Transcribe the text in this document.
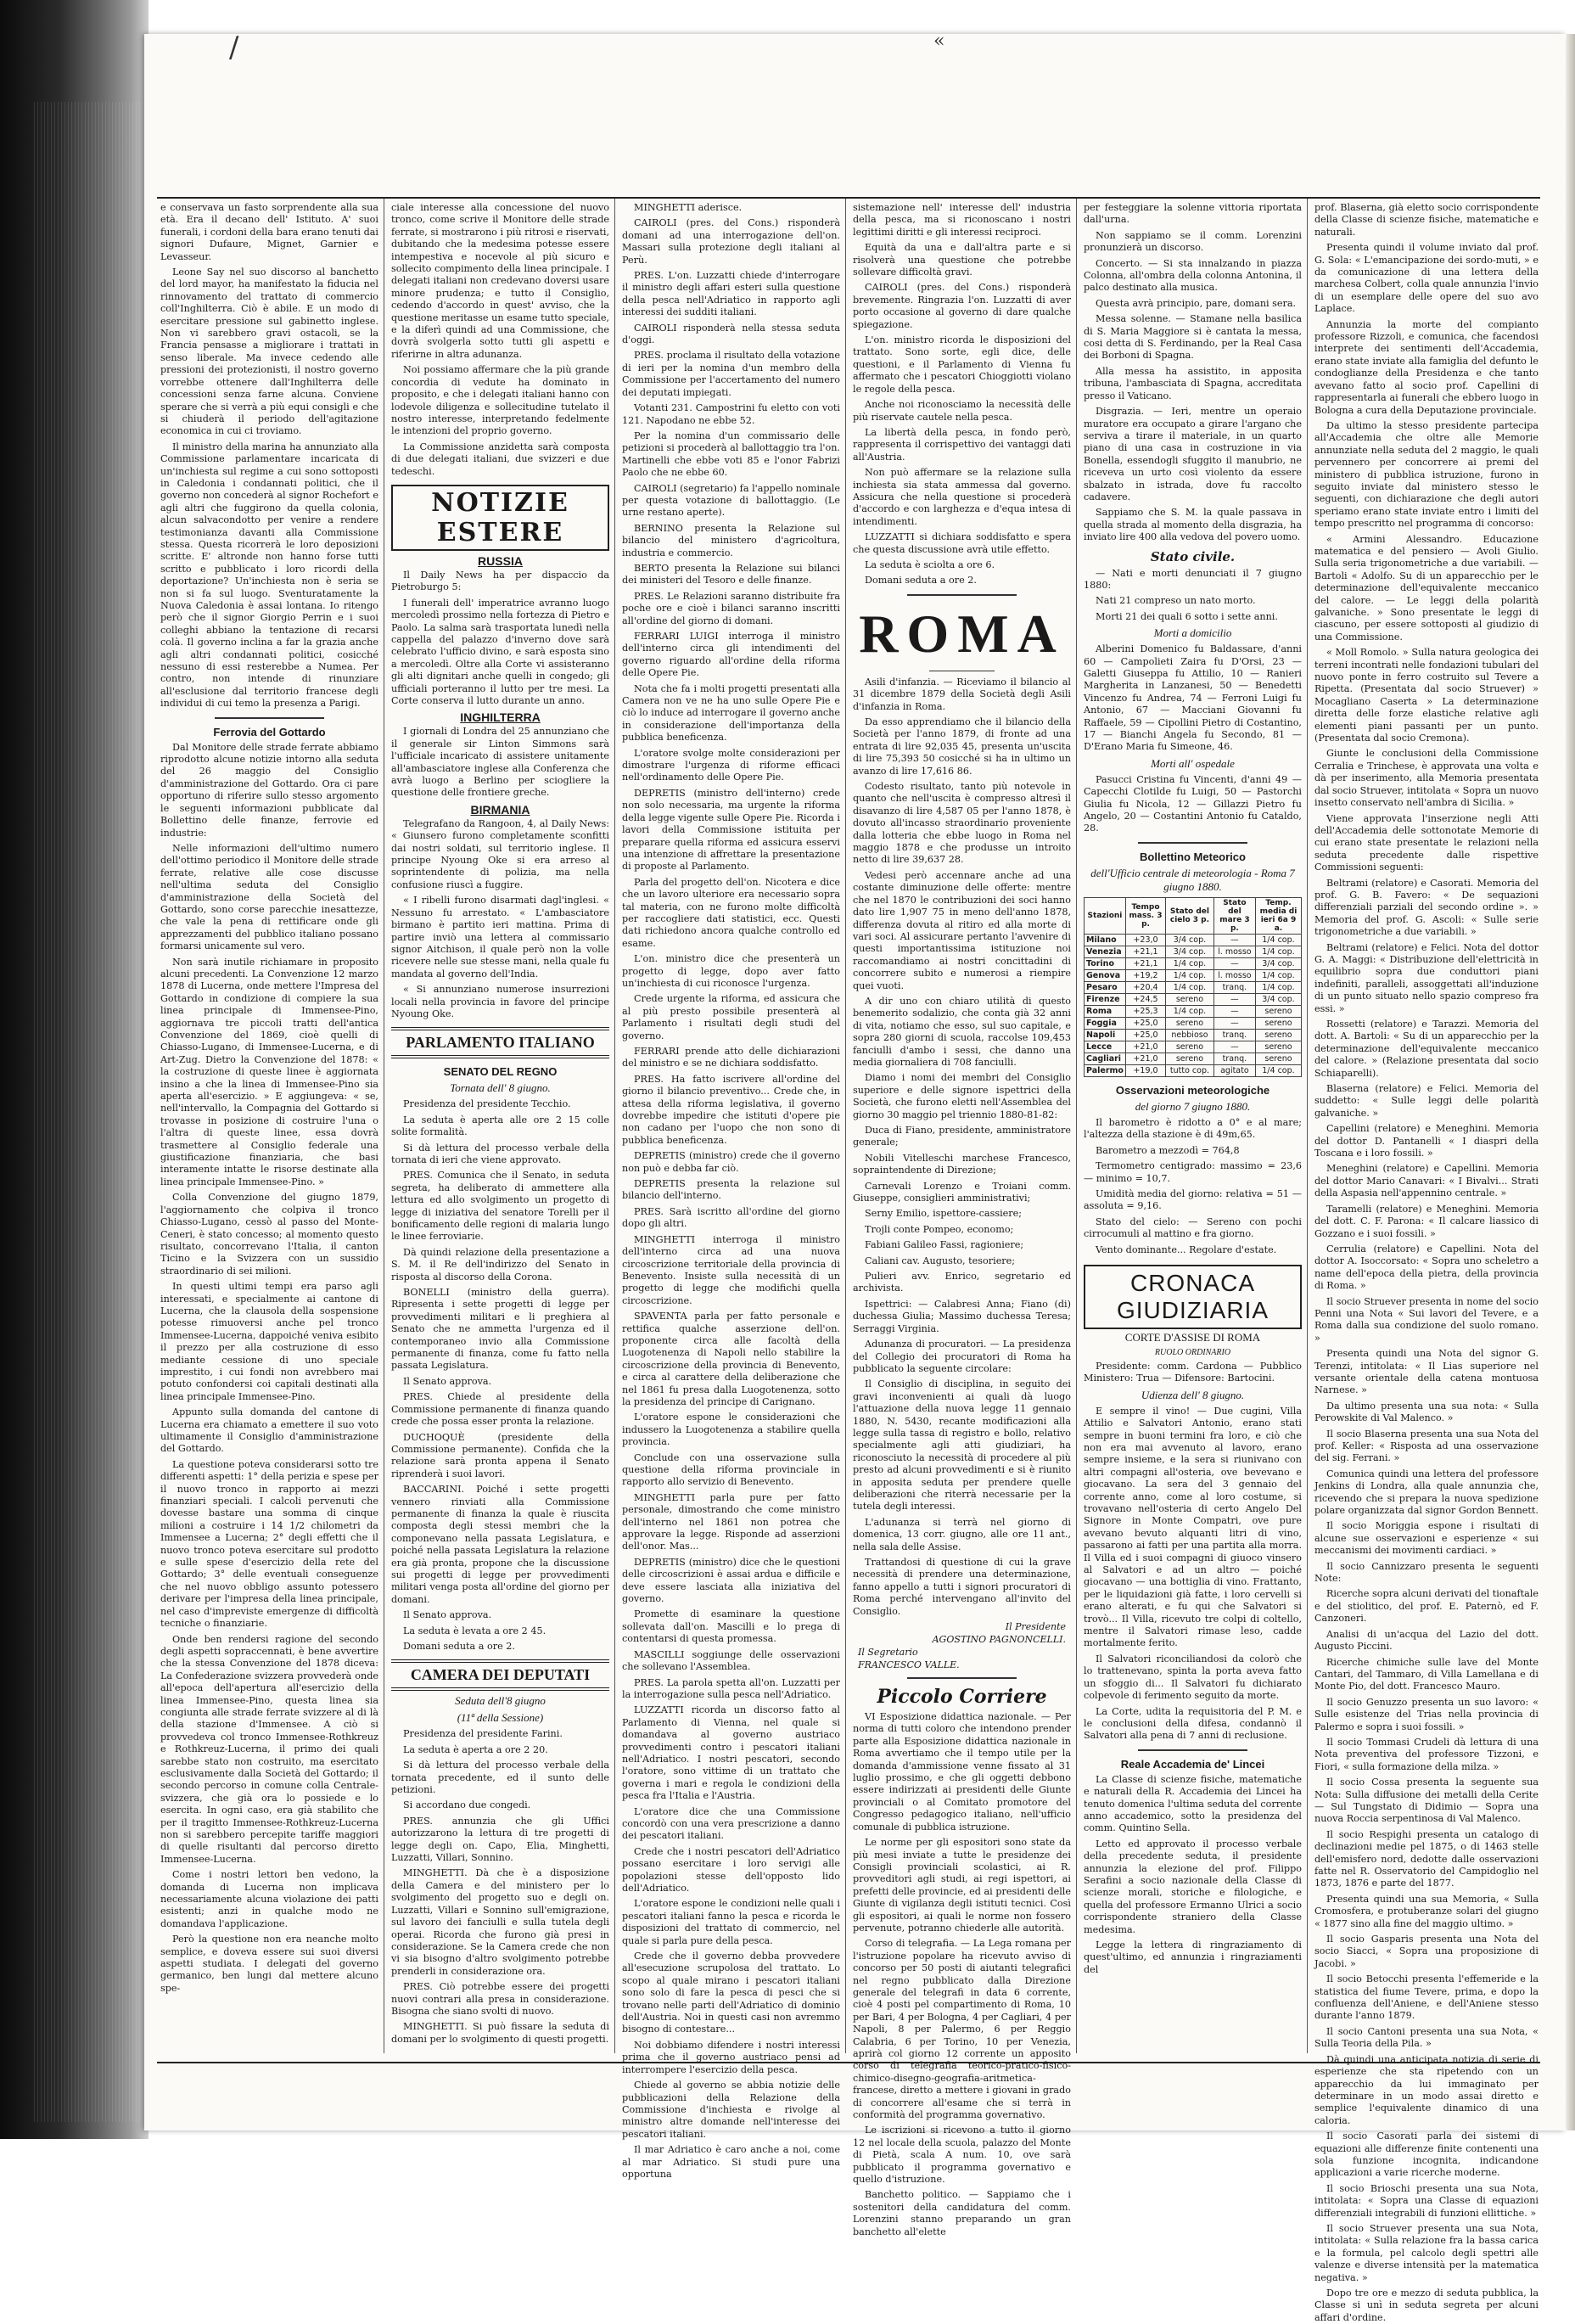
/	«

e conservava un fasto sorprendente alla sua età. Era il decano dell' Istituto. A' suoi funerali, i cordoni della bara erano tenuti dai signori Dufaure, Mignet, Garnier e Levasseur.

Leone Say nel suo discorso al banchetto del lord mayor, ha manifestato la fiducia nel rinnovamento del trattato di commercio coll'Inghilterra. Ciò è abile. E un modo di esercitare pressione sul gabinetto inglese. Non vi sarebbero gravi ostacoli, se la Francia pensasse a migliorare i trattati in senso liberale. Ma invece cedendo alle pressioni dei protezionisti, il nostro governo vorrebbe ottenere dall'Inghilterra delle concessioni senza farne alcuna. Conviene sperare che si verrà a più equi consigli e che si chiuderà il periodo dell'agitazione economica in cui ci troviamo.

Il ministro della marina ha annunziato alla Commissione parlamentare incaricata di un'inchiesta sul regime a cui sono sottoposti in Caledonia i condannati politici, che il governo non concederà al signor Rochefort e agli altri che fuggirono da quella colonia, alcun salvacondotto per venire a rendere testimonianza davanti alla Commissione stessa. Questa ricorrerà le loro deposizioni scritte. E' altronde non hanno forse tutti scritto e pubblicato i loro ricordi della deportazione? Un'inchiesta non è seria se non si fa sul luogo. Sventuratamente la Nuova Caledonia è assai lontana. Io ritengo però che il signor Giorgio Perrin e i suoi colleghi abbiano la tentazione di recarsi colà. Il governo inclina a far la grazia anche agli altri condannati politici, cosicché nessuno di essi resterebbe a Numea. Per contro, non intende di rinunziare all'esclusione dal territorio francese degli individui di cui temo la presenza a Parigi.

Ferrovia del Gottardo

Dal Monitore delle strade ferrate abbiamo riprodotto alcune notizie intorno alla seduta del 26 maggio del Consiglio d'amministrazione del Gottardo. Ora ci pare opportuno di riferire sullo stesso argomento le seguenti informazioni pubblicate dal Bollettino delle finanze, ferrovie ed industrie:

Nelle informazioni dell'ultimo numero dell'ottimo periodico il Monitore delle strade ferrate, relative alle cose discusse nell'ultima seduta del Consiglio d'amministrazione della Società del Gottardo, sono corse parecchie inesattezze, che vale la pena di rettificare onde gli apprezzamenti del pubblico italiano possano formarsi unicamente sul vero.

Non sarà inutile richiamare in proposito alcuni precedenti. La Convenzione 12 marzo 1878 di Lucerna, onde mettere l'Impresa del Gottardo in condizione di compiere la sua linea principale di Immensee-Pino, aggiornava tre piccoli tratti dell'antica Convenzione del 1869, cioè quelli di Chiasso-Lugano, di Immensee-Lucerna, e di Art-Zug. Dietro la Convenzione del 1878: « la costruzione di queste linee è aggiornata insino a che la linea di Immensee-Pino sia aperta all'esercizio. » E aggiungeva: « se, nell'intervallo, la Compagnia del Gottardo si trovasse in posizione di costruire l'una o l'altra di queste linee, essa dovrà trasmettere al Consiglio federale una giustificazione finanziaria, che basi interamente intatte le risorse destinate alla linea principale Immensee-Pino. »

Colla Convenzione del giugno 1879, l'aggiornamento che colpiva il tronco Chiasso-Lugano, cessò al passo del Monte-Ceneri, è stato concesso; al momento questo risultato, concorrevano l'Italia, il canton Ticino e la Svizzera con un sussidio straordinario di sei milioni.

In questi ultimi tempi era parso agli interessati, e specialmente ai cantone di Lucerna, che la clausola della sospensione potesse rimuoversi anche pel tronco Immensee-Lucerna, dappoiché veniva esibito il prezzo per alla costruzione di esso mediante cessione di uno speciale imprestito, i cui fondi non avrebbero mai potuto confondersi coi capitali destinati alla linea principale Immensee-Pino.

Appunto sulla domanda del cantone di Lucerna era chiamato a emettere il suo voto ultimamente il Consiglio d'amministrazione del Gottardo.

La questione poteva considerarsi sotto tre differenti aspetti: 1° della perizia e spese per il nuovo tronco in rapporto ai mezzi finanziari speciali. I calcoli pervenuti che dovesse bastare una somma di cinque milioni a costruire i 14 1/2 chilometri da Immensee a Lucerna; 2° degli effetti che il nuovo tronco poteva esercitare sul prodotto e sulle spese d'esercizio della rete del Gottardo; 3° delle eventuali conseguenze che nel nuovo obbligo assunto potessero derivare per l'impresa della linea principale, nel caso d'impreviste emergenze di difficoltà tecniche o finanziarie.

Onde ben rendersi ragione del secondo degli aspetti sopraccennati, è bene avvertire che la stessa Convenzione del 1878 diceva: La Confederazione svizzera provvederà onde all'epoca dell'apertura all'esercizio della linea Immensee-Pino, questa linea sia congiunta alle strade ferrate svizzere al di là della stazione d'Immensee. A ciò si provvedeva col tronco Immensee-Rothkreuz e Rothkreuz-Lucerna, il primo dei quali sarebbe stato non costruito, ma esercitato esclusivamente dalla Società del Gottardo; il secondo percorso in comune colla Centrale-svizzera, che già ora lo possiede e lo esercita. In ogni caso, era già stabilito che per il tragitto Immensee-Rothkreuz-Lucerna non si sarebbero percepite tariffe maggiori di quelle risultanti dal percorso diretto Immensee-Lucerna.

Come i nostri lettori ben vedono, la domanda di Lucerna non implicava necessariamente alcuna violazione dei patti esistenti; anzi in qualche modo ne domandava l'applicazione.

Però la questione non era neanche molto semplice, e doveva essere sui suoi diversi aspetti studiata. I delegati del governo germanico, ben lungi dal mettere alcuno spe-

ciale interesse alla concessione del nuovo tronco, come scrive il Monitore delle strade ferrate, si mostrarono i più ritrosi e riservati, dubitando che la medesima potesse essere intempestiva e nocevole al più sicuro e sollecito compimento della linea principale. I delegati italiani non credevano doversi usare minore prudenza; e tutto il Consiglio, cedendo d'accordo in quest' avviso, che la questione meritasse un esame tutto speciale, e la diferì quindi ad una Commissione, che dovrà svolgerla sotto tutti gli aspetti e riferirne in altra adunanza.

Noi possiamo affermare che la più grande concordia di vedute ha dominato in proposito, e che i delegati italiani hanno con lodevole diligenza e sollecitudine tutelato il nostro interesse, interpretando fedelmente le intenzioni del proprio governo.

La Commissione anzidetta sarà composta di due delegati italiani, due svizzeri e due tedeschi.

NOTIZIE ESTERE
RUSSIA

Il Daily News ha per dispaccio da Pietroburgo 5:

I funerali dell' imperatrice avranno luogo mercoledì prossimo nella fortezza di Pietro e Paolo. La salma sarà trasportata lunedì nella cappella del palazzo d'inverno dove sarà celebrato l'ufficio divino, e sarà esposta sino a mercoledì. Oltre alla Corte vi assisteranno gli alti dignitari anche quelli in congedo; gli ufficiali porteranno il lutto per tre mesi. La Corte conserva il lutto durante un anno.

INGHILTERRA

I giornali di Londra del 25 annunziano che il generale sir Linton Simmons sarà l'ufficiale incaricato di assistere unitamente all'ambasciatore inglese alla Conferenza che avrà luogo a Berlino per sciogliere la questione delle frontiere greche.

BIRMANIA

Telegrafano da Rangoon, 4, al Daily News: « Giunsero furono completamente sconfitti dai nostri soldati, sul territorio inglese. Il principe Nyoung Oke si era arreso al soprintendente di polizia, ma nella confusione riuscì a fuggire.

« I ribelli furono disarmati dagl'inglesi. « Nessuno fu arrestato. « L'ambasciatore birmano è partito ieri mattina. Prima di partire inviò una lettera al commissario signor Aitchison, il quale però non la volle ricevere nelle sue stesse mani, nella quale fu mandata al governo dell'India.

« Si annunziano numerose insurrezioni locali nella provincia in favore del principe Nyoung Oke.

PARLAMENTO ITALIANO
SENATO DEL REGNO
Tornata dell' 8 giugno.

Presidenza del presidente Tecchio.

La seduta è aperta alle ore 2 15 colle solite formalità.

Si dà lettura del processo verbale della tornata di ieri che viene approvato.

PRES. Comunica che il Senato, in seduta segreta, ha deliberato di ammettere alla lettura ed allo svolgimento un progetto di legge di iniziativa del senatore Torelli per il bonificamento delle regioni di malaria lungo le linee ferroviarie.

Dà quindi relazione della presentazione a S. M. il Re dell'indirizzo del Senato in risposta al discorso della Corona.

BONELLI (ministro della guerra). Ripresenta i sette progetti di legge per provvedimenti militari e li preghiera al Senato che ne ammetta l'urgenza ed il contemporaneo invio alla Commissione permanente di finanza, come fu fatto nella passata Legislatura.

Il Senato approva.

PRES. Chiede al presidente della Commissione permanente di finanza quando crede che possa esser pronta la relazione.

DUCHOQUÈ (presidente della Commissione permanente). Confida che la relazione sarà pronta appena il Senato riprenderà i suoi lavori.

BACCARINI. Poiché i sette progetti vennero rinviati alla Commissione permanente di finanza la quale è riuscita composta degli stessi membri che la componevano nella passata Legislatura, e poiché nella passata Legislatura la relazione era già pronta, propone che la discussione sui progetti di legge per provvedimenti militari venga posta all'ordine del giorno per domani.

Il Senato approva.

La seduta è levata a ore 2 45.

Domani seduta a ore 2.

CAMERA DEI DEPUTATI
Seduta dell'8 giugno
(11ª della Sessione)

Presidenza del presidente Farini.

La seduta è aperta a ore 2 20.

Si dà lettura del processo verbale della tornata precedente, ed il sunto delle petizioni.

Si accordano due congedi.

PRES. annunzia che gli Uffici autorizzarono la lettura di tre progetti di legge degli on. Capo, Elia, Minghetti, Luzzatti, Villari, Sonnino.

MINGHETTI. Dà che è a disposizione della Camera e del ministero per lo svolgimento del progetto suo e degli on. Luzzatti, Villari e Sonnino sull'emigrazione, sul lavoro dei fanciulli e sulla tutela degli operai. Ricorda che furono già presi in considerazione. Se la Camera crede che non vi sia bisogno d'altro svolgimento potrebbe prenderli in considerazione ora.

PRES. Ciò potrebbe essere dei progetti nuovi contrari alla presa in considerazione. Bisogna che siano svolti di nuovo.

MINGHETTI. Si può fissare la seduta di domani per lo svolgimento di questi progetti.

MINGHETTI aderisce.

CAIROLI (pres. del Cons.) risponderà domani ad una interrogazione dell'on. Massari sulla protezione degli italiani al Perù.

PRES. L'on. Luzzatti chiede d'interrogare il ministro degli affari esteri sulla questione della pesca nell'Adriatico in rapporto agli interessi dei sudditi italiani.

CAIROLI risponderà nella stessa seduta d'oggi.

PRES. proclama il risultato della votazione di ieri per la nomina d'un membro della Commissione per l'accertamento del numero dei deputati impiegati.

Votanti 231. Campostrini fu eletto con voti 121. Napodano ne ebbe 52.

Per la nomina d'un commissario delle petizioni si procederà al ballottaggio tra l'on. Martinelli che ebbe voti 85 e l'onor Fabrizi Paolo che ne ebbe 60.

CAIROLI (segretario) fa l'appello nominale per questa votazione di ballottaggio. (Le urne restano aperte).

BERNINO presenta la Relazione sul bilancio del ministero d'agricoltura, industria e commercio.

BERTO presenta la Relazione sui bilanci dei ministeri del Tesoro e delle finanze.

PRES. Le Relazioni saranno distribuite fra poche ore e cioè i bilanci saranno inscritti all'ordine del giorno di domani.

FERRARI LUIGI interroga il ministro dell'interno circa gli intendimenti del governo riguardo all'ordine della riforma delle Opere Pie.

Nota che fa i molti progetti presentati alla Camera non ve ne ha uno sulle Opere Pie e ciò lo induce ad interrogare il governo anche in considerazione dell'importanza della pubblica beneficenza.

L'oratore svolge molte considerazioni per dimostrare l'urgenza di riforme efficaci nell'ordinamento delle Opere Pie.

DEPRETIS (ministro dell'interno) crede non solo necessaria, ma urgente la riforma della legge vigente sulle Opere Pie. Ricorda i lavori della Commissione istituita per preparare quella riforma ed assicura esservi una intenzione di affrettare la presentazione di proposte al Parlamento.

Parla del progetto dell'on. Nicotera e dice che un lavoro ulteriore era necessario sopra tal materia, con ne furono molte difficoltà per raccogliere dati statistici, ecc. Questi dati richiedono ancora qualche controllo ed esame.

L'on. ministro dice che presenterà un progetto di legge, dopo aver fatto un'inchiesta di cui riconosce l'urgenza.

Crede urgente la riforma, ed assicura che al più presto possibile presenterà al Parlamento i risultati degli studi del governo.

FERRARI prende atto delle dichiarazioni del ministro e se ne dichiara soddisfatto.

PRES. Ha fatto iscrivere all'ordine del giorno il bilancio preventivo... Crede che, in attesa della riforma legislativa, il governo dovrebbe impedire che istituti d'opere pie non cadano per l'uopo che non sono di pubblica beneficenza.

DEPRETIS (ministro) crede che il governo non può e debba far ciò.

DEPRETIS presenta la relazione sul bilancio dell'interno.

PRES. Sarà iscritto all'ordine del giorno dopo gli altri.

MINGHETTI interroga il ministro dell'interno circa ad una nuova circoscrizione territoriale della provincia di Benevento. Insiste sulla necessità di un progetto di legge che modifichi quella circoscrizione.

SPAVENTA parla per fatto personale e rettifica qualche asserzione dell'on. proponente circa alle facoltà della Luogotenenza di Napoli nello stabilire la circoscrizione della provincia di Benevento, e circa al carattere della deliberazione che nel 1861 fu presa dalla Luogotenenza, sotto la presidenza del principe di Carignano.

L'oratore espone le considerazioni che indussero la Luogotenenza a stabilire quella provincia.

Conclude con una osservazione sulla questione della riforma provinciale in rapporto allo servizio di Benevento.

MINGHETTI parla pure per fatto personale, dimostrando che come ministro dell'interno nel 1861 non potrea che approvare la legge. Risponde ad asserzioni dell'onor. Mas...

DEPRETIS (ministro) dice che le questioni delle circoscrizioni è assai ardua e difficile e deve essere lasciata alla iniziativa del governo.

Promette di esaminare la questione sollevata dall'on. Mascilli e lo prega di contentarsi di questa promessa.

MASCILLI soggiunge delle osservazioni che sollevano l'Assemblea.

PRES. La parola spetta all'on. Luzzatti per la interrogazione sulla pesca nell'Adriatico.

LUZZATTI ricorda un discorso fatto al Parlamento di Vienna, nel quale si domandava al governo austriaco provvedimenti contro i pescatori italiani nell'Adriatico. I nostri pescatori, secondo l'oratore, sono vittime di un trattato che governa i mari e regola le condizioni della pesca fra l'Italia e l'Austria.

L'oratore dice che una Commissione concordò con una vera prescrizione a danno dei pescatori italiani.

Crede che i nostri pescatori dell'Adriatico possano esercitare i loro servigi alle popolazioni stesse dell'opposto lido dell'Adriatico.

L'oratore espone le condizioni nelle quali i pescatori italiani fanno la pesca e ricorda le disposizioni del trattato di commercio, nel quale si parla pure della pesca.

Crede che il governo debba provvedere all'esecuzione scrupolosa del trattato. Lo scopo al quale mirano i pescatori italiani sono solo di fare la pesca di pesci che si trovano nelle parti dell'Adriatico di dominio dell'Austria. Noi in questi casi non avremmo bisogno di contestare...

Noi dobbiamo difendere i nostri interessi prima che il governo austriaco pensi ad interrompere l'esercizio della pesca.

Chiede al governo se abbia notizie delle pubblicazioni della Relazione della Commissione d'inchiesta e rivolge al ministro altre domande nell'interesse dei pescatori italiani.

Il mar Adriatico è caro anche a noi, come al mar Adriatico. Si studi pure una opportuna

sistemazione nell' interesse dell' industria della pesca, ma si riconoscano i nostri legittimi diritti e gli interessi reciproci.

Equità da una e dall'altra parte e si risolverà una questione che potrebbe sollevare difficoltà gravi.

CAIROLI (pres. del Cons.) risponderà brevemente. Ringrazia l'on. Luzzatti di aver porto occasione al governo di dare qualche spiegazione.

L'on. ministro ricorda le disposizioni del trattato. Sono sorte, egli dice, delle questioni, e il Parlamento di Vienna fu affermato che i pescatori Chioggiotti violano le regole della pesca.

Anche noi riconosciamo la necessità delle più riservate cautele nella pesca.

La libertà della pesca, in fondo però, rappresenta il corrispettivo dei vantaggi dati all'Austria.

Non può affermare se la relazione sulla inchiesta sia stata ammessa dal governo. Assicura che nella questione si procederà d'accordo e con larghezza e d'equa intesa di intendimenti.

LUZZATTI si dichiara soddisfatto e spera che questa discussione avrà utile effetto.

La seduta è sciolta a ore 6.

Domani seduta a ore 2.

ROMA

Asili d'infanzia. — Riceviamo il bilancio al 31 dicembre 1879 della Società degli Asili d'infanzia in Roma.

Da esso apprendiamo che il bilancio della Società per l'anno 1879, di fronte ad una entrata di lire 92,035 45, presenta un'uscita di lire 75,393 50 cosicché si ha in ultimo un avanzo di lire 17,616 86.

Codesto risultato, tanto più notevole in quanto che nell'uscita è compresso altresì il disavanzo di lire 4,587 05 per l'anno 1878, è dovuto all'incasso straordinario proveniente dalla lotteria che ebbe luogo in Roma nel maggio 1878 e che produsse un introito netto di lire 39,637 28.

Vedesi però accennare anche ad una costante diminuzione delle offerte: mentre che nel 1870 le contribuzioni dei soci hanno dato lire 1,907 75 in meno dell'anno 1878, differenza dovuta al ritiro ed alla morte di vari soci. Al assicurare pertanto l'avvenire di questi importantissima istituzione noi raccomandiamo ai nostri concittadini di concorrere subito e numerosi a riempire quei vuoti.

A dir uno con chiaro utilità di questo benemerito sodalizio, che conta già 32 anni di vita, notiamo che esso, sul suo capitale, e sopra 280 giorni di scuola, raccolse 109,453 fanciulli d'ambo i sessi, che danno una media giornaliera di 708 fanciulli.

Diamo i nomi dei membri del Consiglio superiore e delle signore ispettrici della Società, che furono eletti nell'Assemblea del giorno 30 maggio pel triennio 1880-81-82:

Duca di Fiano, presidente, amministratore generale;

Nobili Vitelleschi marchese Francesco, sopraintendente di Direzione;

Carnevali Lorenzo e Troiani comm. Giuseppe, consiglieri amministrativi;

Serny Emilio, ispettore-cassiere;

Trojli conte Pompeo, economo;

Fabiani Galileo Fassi, ragioniere;

Caliani cav. Augusto, tesoriere;

Pulieri avv. Enrico, segretario ed archivista.

Ispettrici: — Calabresi Anna; Fiano (di) duchessa Giulia; Massimo duchessa Teresa; Serraggi Virginia.

Adunanza di procuratori. — La presidenza del Collegio dei procuratori di Roma ha pubblicato la seguente circolare:

Il Consiglio di disciplina, in seguito dei gravi inconvenienti ai quali dà luogo l'attuazione della nuova legge 11 gennaio 1880, N. 5430, recante modificazioni alla legge sulla tassa di registro e bollo, relativo specialmente agli atti giudiziari, ha riconosciuto la necessità di procedere al più presto ad alcuni provvedimenti e si è riunito in apposita seduta per prendere quelle deliberazioni che riterrà necessarie per la tutela degli interessi.

L'adunanza si terrà nel giorno di domenica, 13 corr. giugno, alle ore 11 ant., nella sala delle Assise.

Trattandosi di questione di cui la grave necessità di prendere una determinazione, fanno appello a tutti i signori procuratori di Roma perché intervengano all'invito del Consiglio.

Il Presidente
AGOSTINO PAGNONCELLI.
Il Segretario
FRANCESCO VALLE.
Piccolo Corriere

VI Esposizione didattica nazionale. — Per norma di tutti coloro che intendono prender parte alla Esposizione didattica nazionale in Roma avvertiamo che il tempo utile per la domanda d'ammissione venne fissato al 31 luglio prossimo, e che gli oggetti debbono essere indirizzati ai presidenti delle Giunte provinciali o al Comitato promotore del Congresso pedagogico italiano, nell'ufficio comunale di pubblica istruzione.

Le norme per gli espositori sono state da più mesi inviate a tutte le presidenze dei Consigli provinciali scolastici, ai R. provveditori agli studi, ai regi ispettori, ai prefetti delle provincie, ed ai presidenti delle Giunte di vigilanza degli istituti tecnici. Così gli espositori, ai quali le norme non fossero pervenute, potranno chiederle alle autorità.

Corso di telegrafia. — La Lega romana per l'istruzione popolare ha ricevuto avviso di concorso per 50 posti di aiutanti telegrafici nel regno pubblicato dalla Direzione generale del telegrafi in data 6 corrente, cioè 4 posti pel compartimento di Roma, 10 per Bari, 4 per Bologna, 4 per Cagliari, 4 per Napoli, 8 per Palermo, 6 per Reggio Calabria, 6 per Torino, 10 per Venezia, aprirà col giorno 12 corrente un apposito corso di telegrafia teorico-pratico-fisico-chimico-disegno-geografia-aritmetica-francese, diretto a mettere i giovani in grado di concorrere all'esame che si terrà in conformità del programma governativo.

Le iscrizioni si ricevono a tutto il giorno 12 nel locale della scuola, palazzo del Monte di Pietà, scala A num. 10, ove sarà pubblicato il programma governativo e quello d'istruzione.

Banchetto politico. — Sappiamo che i sostenitori della candidatura del comm. Lorenzini stanno preparando un gran banchetto all'elette

per festeggiare la solenne vittoria riportata dall'urna.

Non sappiamo se il comm. Lorenzini pronunzierà un discorso.

Concerto. — Si sta innalzando in piazza Colonna, all'ombra della colonna Antonina, il palco destinato alla musica.

Questa avrà principio, pare, domani sera.

Messa solenne. — Stamane nella basilica di S. Maria Maggiore si è cantata la messa, cosi detta di S. Ferdinando, per la Real Casa dei Borboni di Spagna.

Alla messa ha assistito, in apposita tribuna, l'ambasciata di Spagna, accreditata presso il Vaticano.

Disgrazia. — Ieri, mentre un operaio muratore era occupato a girare l'argano che serviva a tirare il materiale, in un quarto piano di una casa in costruzione in via Bonella, essendogli sfuggito il manubrio, ne riceveva un urto così violento da essere sbalzato in istrada, dove fu raccolto cadavere.

Sappiamo che S. M. la quale passava in quella strada al momento della disgrazia, ha inviato lire 400 alla vedova del povero uomo.

Stato civile.

— Nati e morti denunciati il 7 giugno 1880:

Nati 21 compreso un nato morto.

Morti 21 dei quali 6 sotto i sette anni.

Morti a domicilio

Alberini Domenico fu Baldassare, d'anni 60 — Campolieti Zaira fu D'Orsi, 23 — Galetti Giuseppa fu Attilio, 10 — Ranieri Margherita in Lanzanesi, 50 — Benedetti Vincenzo fu Andrea, 74 — Ferroni Luigi fu Antonio, 67 — Macciani Giovanni fu Raffaele, 59 — Cipollini Pietro di Costantino, 17 — Bianchi Angela fu Secondo, 81 — D'Erano Maria fu Simeone, 46.

Morti all' ospedale

Pasucci Cristina fu Vincenti, d'anni 49 — Capecchi Clotilde fu Luigi, 50 — Pastorchi Giulia fu Nicola, 12 — Gillazzi Pietro fu Angelo, 20 — Costantini Antonio fu Cataldo, 28.

Bollettino Meteorico
dell'Ufficio centrale di meteorologia - Roma 7 giugno 1880.
Stazioni	Tempo mass. 3 p.	Stato del cielo 3 p.	Stato del mare 3 p.	Temp. media di ieri 6a 9 a.
Milano	+23,0	3/4 cop.	—	1/4 cop.
Venezia	+21,1	3/4 cop.	l. mosso	1/4 cop.
Torino	+21,1	1/4 cop.	—	3/4 cop.
Genova	+19,2	1/4 cop.	l. mosso	1/4 cop.
Pesaro	+20,4	1/4 cop.	tranq.	1/4 cop.
Firenze	+24,5	sereno	—	3/4 cop.
Roma	+25,3	1/4 cop.	—	sereno
Foggia	+25,0	sereno	—	sereno
Napoli	+25,0	nebbioso	tranq.	sereno
Lecce	+21,0	sereno	—	sereno
Cagliari	+21,0	sereno	tranq.	sereno
Palermo	+19,0	tutto cop.	agitato	1/4 cop.
Osservazioni meteorologiche
del giorno 7 giugno 1880.

Il barometro è ridotto a 0° e al mare; l'altezza della stazione è di 49m,65.

Barometro a mezzodì = 764,8

Termometro centigrado: massimo = 23,6 — minimo = 10,7.

Umidità media del giorno: relativa = 51 — assoluta = 9,16.

Stato del cielo: — Sereno con pochi cirrocumuli al mattino e fra giorno.

Vento dominante... Regolare d'estate.

CRONACA GIUDIZIARIA
CORTE D'ASSISE DI ROMA
RUOLO ORDINARIO

Presidente: comm. Cardona — Pubblico Ministero: Trua — Difensore: Bartocini.

Udienza dell' 8 giugno.

E sempre il vino! — Due cugini, Villa Attilio e Salvatori Antonio, erano stati sempre in buoni termini fra loro, e ciò che non era mai avvenuto al lavoro, erano sempre insieme, e la sera si riunivano con altri compagni all'osteria, ove bevevano e giocavano. La sera del 3 gennaio del corrente anno, come al loro costume, si trovavano nell'osteria di certo Angelo Del Signore in Monte Compatri, ove pure avevano bevuto alquanti litri di vino, passarono ai fatti per una partita alla morra. Il Villa ed i suoi compagni di giuoco vinsero al Salvatori e ad un altro — poiché giocavano — una bottiglia di vino. Frattanto, per le liquidazioni già fatte, i loro cervelli si erano alterati, e fu qui che Salvatori si trovò... Il Villa, ricevuto tre colpi di coltello, mentre il Salvatori rimase leso, cadde mortalmente ferito.

Il Salvatori riconciliandosi da colorò che lo trattenevano, spinta la porta aveva fatto un sfoggio di... Il Salvatori fu dichiarato colpevole di ferimento seguito da morte.

La Corte, udita la requisitoria del P. M. e le conclusioni della difesa, condannò il Salvatori alla pena di 7 anni di reclusione.

Reale Accademia de' Lincei

La Classe di scienze fisiche, matematiche e naturali della R. Accademia dei Lincei ha tenuto domenica l'ultima seduta del corrente anno accademico, sotto la presidenza del comm. Quintino Sella.

Letto ed approvato il processo verbale della precedente seduta, il presidente annunzia la elezione del prof. Filippo Serafini a socio nazionale della Classe di scienze morali, storiche e filologiche, e quella del professore Ermanno Ulrici a socio corrispondente straniero della Classe medesima.

Legge la lettera di ringraziamento di quest'ultimo, ed annunzia i ringraziamenti del

prof. Blaserna, già eletto socio corrispondente della Classe di scienze fisiche, matematiche e naturali.

Presenta quindi il volume inviato dal prof. G. Sola: « L'emancipazione dei sordo-muti, » e da comunicazione di una lettera della marchesa Colbert, colla quale annunzia l'invio di un esemplare delle opere del suo avo Laplace.

Annunzia la morte del compianto professore Rizzoli, e comunica, che facendosi interprete dei sentimenti dell'Accademia, erano state inviate alla famiglia del defunto le condoglianze della Presidenza e che tanto avevano fatto al socio prof. Capellini di rappresentarla ai funerali che ebbero luogo in Bologna a cura della Deputazione provinciale.

Da ultimo la stesso presidente partecipa all'Accademia che oltre alle Memorie annunziate nella seduta del 2 maggio, le quali pervennero per concorrere ai premi del ministero di pubblica istruzione, furono in seguito inviate dal ministero stesso le seguenti, con dichiarazione che degli autori speriamo erano state inviate entro i limiti del tempo prescritto nel programma di concorso:

« Armini Alessandro. Educazione matematica e del pensiero — Avoli Giulio. Sulla seria trigonometriche a due variabili. — Bartoli « Adolfo. Su di un apparecchio per le determinazione dell'equivalente meccanico del calore. — Le leggi della polarità galvaniche. » Sono presentate le leggi di ciascuno, per essere sottoposti al giudizio di una Commissione.

« Moll Romolo. » Sulla natura geologica dei terreni incontrati nelle fondazioni tubulari del nuovo ponte in ferro costruito sul Tevere a Ripetta. (Presentata dal socio Struever) » Mocagliano Caserta » La determinazione diretta delle forze elastiche relative agli elementi piani passanti per un punto. (Presentata dal socio Cremona).

Giunte le conclusioni della Commissione Cerralia e Trinchese, è approvata una volta e dà per inserimento, alla Memoria presentata dal socio Struever, intitolata « Sopra un nuovo insetto conservato nell'ambra di Sicilia. »

Viene approvata l'inserzione negli Atti dell'Accademia delle sottonotate Memorie di cui erano state presentate le relazioni nella seduta precedente dalle rispettive Commissioni seguenti:

Beltrami (relatore) e Casorati. Memoria del prof. G. B. Favero: « De sequazioni differenziali parziali del secondo ordine ». » Memoria del prof. G. Ascoli: « Sulle serie trigonometriche a due variabili. »

Beltrami (relatore) e Felici. Nota del dottor G. A. Maggi: « Distribuzione dell'elettricità in equilibrio sopra due conduttori piani indefiniti, paralleli, assoggettati all'induzione di un punto situato nello spazio compreso fra essi. »

Rossetti (relatore) e Tarazzi. Memoria del dott. A. Bartoli: « Su di un apparecchio per la determinazione dell'equivalente meccanico del calore. » (Relazione presentata dal socio Schiaparelli).

Blaserna (relatore) e Felici. Memoria del suddetto: « Sulle leggi delle polarità galvaniche. »

Capellini (relatore) e Meneghini. Memoria del dottor D. Pantanelli « I diaspri della Toscana e i loro fossili. »

Meneghini (relatore) e Capellini. Memoria del dottor Mario Canavari: « I Bivalvi... Strati della Aspasia nell'appennino centrale. »

Taramelli (relatore) e Meneghini. Memoria del dott. C. F. Parona: « Il calcare liassico di Gozzano e i suoi fossili. »

Cerrulia (relatore) e Capellini. Nota del dottor A. Isoccorsato: « Sopra uno scheletro a name dell'epoca della pietra, della provincia di Roma. »

Il socio Struever presenta in nome del socio Penni una Nota « Sui lavori del Tevere, e a Roma dalla sua condizione del suolo romano. »

Presenta quindi una Nota del signor G. Terenzi, intitolata: « Il Lias superiore nel versante orientale della catena montuosa Narnese. »

Da ultimo presenta una sua nota: « Sulla Perowskite di Val Malenco. »

Il socio Blaserna presenta una sua Nota del prof. Keller: « Risposta ad una osservazione del sig. Ferrani. »

Comunica quindi una lettera del professore Jenkins di Londra, alla quale annunzia che, ricevendo che si prepara la nuova spedizione polare organizzata dal signor Gordon Bennett.

Il socio Moriggia espone i risultati di alcune sue osservazioni e esperienze « sui meccanismi dei movimenti cardiaci. »

Il socio Cannizzaro presenta le seguenti Note:

Ricerche sopra alcuni derivati del tionaftale e del stiolitico, del prof. E. Paternò, ed F. Canzoneri.

Analisi di un'acqua del Lazio del dott. Augusto Piccini.

Ricerche chimiche sulle lave del Monte Cantari, del Tammaro, di Villa Lamellana e di Monte Pio, del dott. Francesco Mauro.

Il socio Genuzzo presenta un suo lavoro: « Sulle esistenze del Trias nella provincia di Palermo e sopra i suoi fossili. »

Il socio Tommasi Crudeli dà lettura di una Nota preventiva del professore Tizzoni, e Fiori, « sulla formazione della milza. »

Il socio Cossa presenta la seguente sua Nota: Sulla diffusione dei metalli della Cerite — Sul Tungstato di Didimio — Sopra una nuova Roccia serpentinosa di Val Malenco.

Il socio Respighi presenta un catalogo di declinazioni medie pel 1875, o di 1463 stelle dell'emisfero nord, dedotte dalle osservazioni fatte nel R. Osservatorio del Campidoglio nel 1873, 1876 e parte del 1877.

Presenta quindi una sua Memoria, « Sulla Cromosfera, e protuberanze solari del giugno « 1877 sino alla fine del maggio ultimo. »

Il socio Gasparis presenta una Nota del socio Siacci, « Sopra una proposizione di Jacobi. »

Il socio Betocchi presenta l'effemeride e la statistica del fiume Tevere, prima, e dopo la confluenza dell'Aniene, e dell'Aniene stesso durante l'anno 1879.

Il socio Cantoni presenta una sua Nota, « Sulla Teoria della Pila. »

Dà quindi una anticipata notizia di serie di esperienze che sta ripetendo con un apparecchio da lui immaginato per determinare in un modo assai diretto e semplice l'equivalente dinamico di una caloria.

Il socio Casorati parla dei sistemi di equazioni alle differenze finite contenenti una sola funzione incognita, indicandone applicazioni a varie ricerche moderne.

Il socio Brioschi presenta una sua Nota, intitolata: « Sopra una Classe di equazioni differenziali integrabili di funzioni ellittiche. »

Il socio Struever presenta una sua Nota, intitolata: « Sulla relazione fra la bassa carica e la formula, pel calcolo degli spettri alle valenze e diverse intensità per la matematica negativa. »

Dopo tre ore e mezzo di seduta pubblica, la Classe si unì in seduta segreta per alcuni affari d'ordine.
